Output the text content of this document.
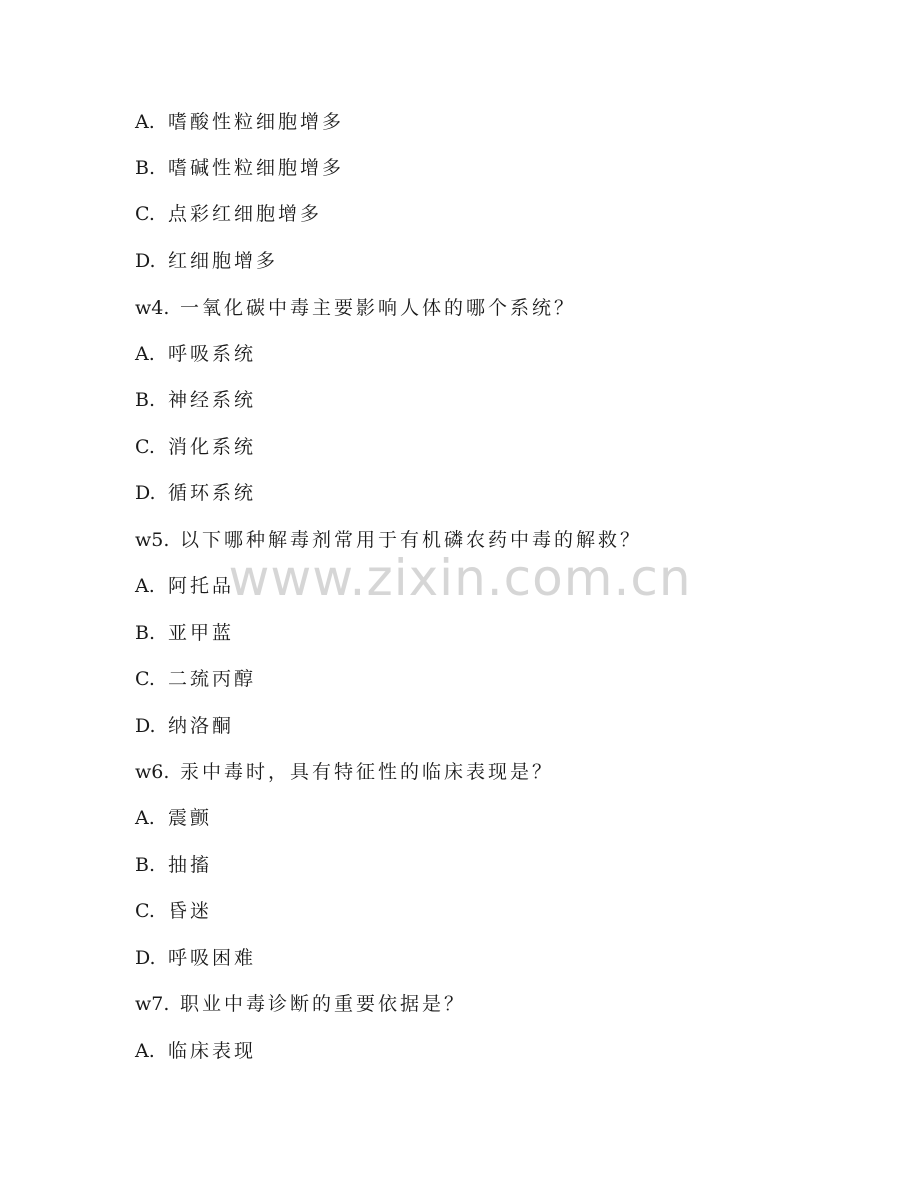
A. 嗜酸性粒细胞增多
B. 嗜碱性粒细胞增多
C. 点彩红细胞增多
D. 红细胞增多
w4. 一氧化碳中毒主要影响人体的哪个系统？
A. 呼吸系统
B. 神经系统
C. 消化系统
D. 循环系统
w5. 以下哪种解毒剂常用于有机磷农药中毒的解救？
A. 阿托品
B. 亚甲蓝
C. 二巯丙醇
D. 纳洛酮
w6. 汞中毒时，具有特征性的临床表现是？
A. 震颤
B. 抽搐
C. 昏迷
D. 呼吸困难
w7. 职业中毒诊断的重要依据是？
A. 临床表现
www.zixin.com.cn
